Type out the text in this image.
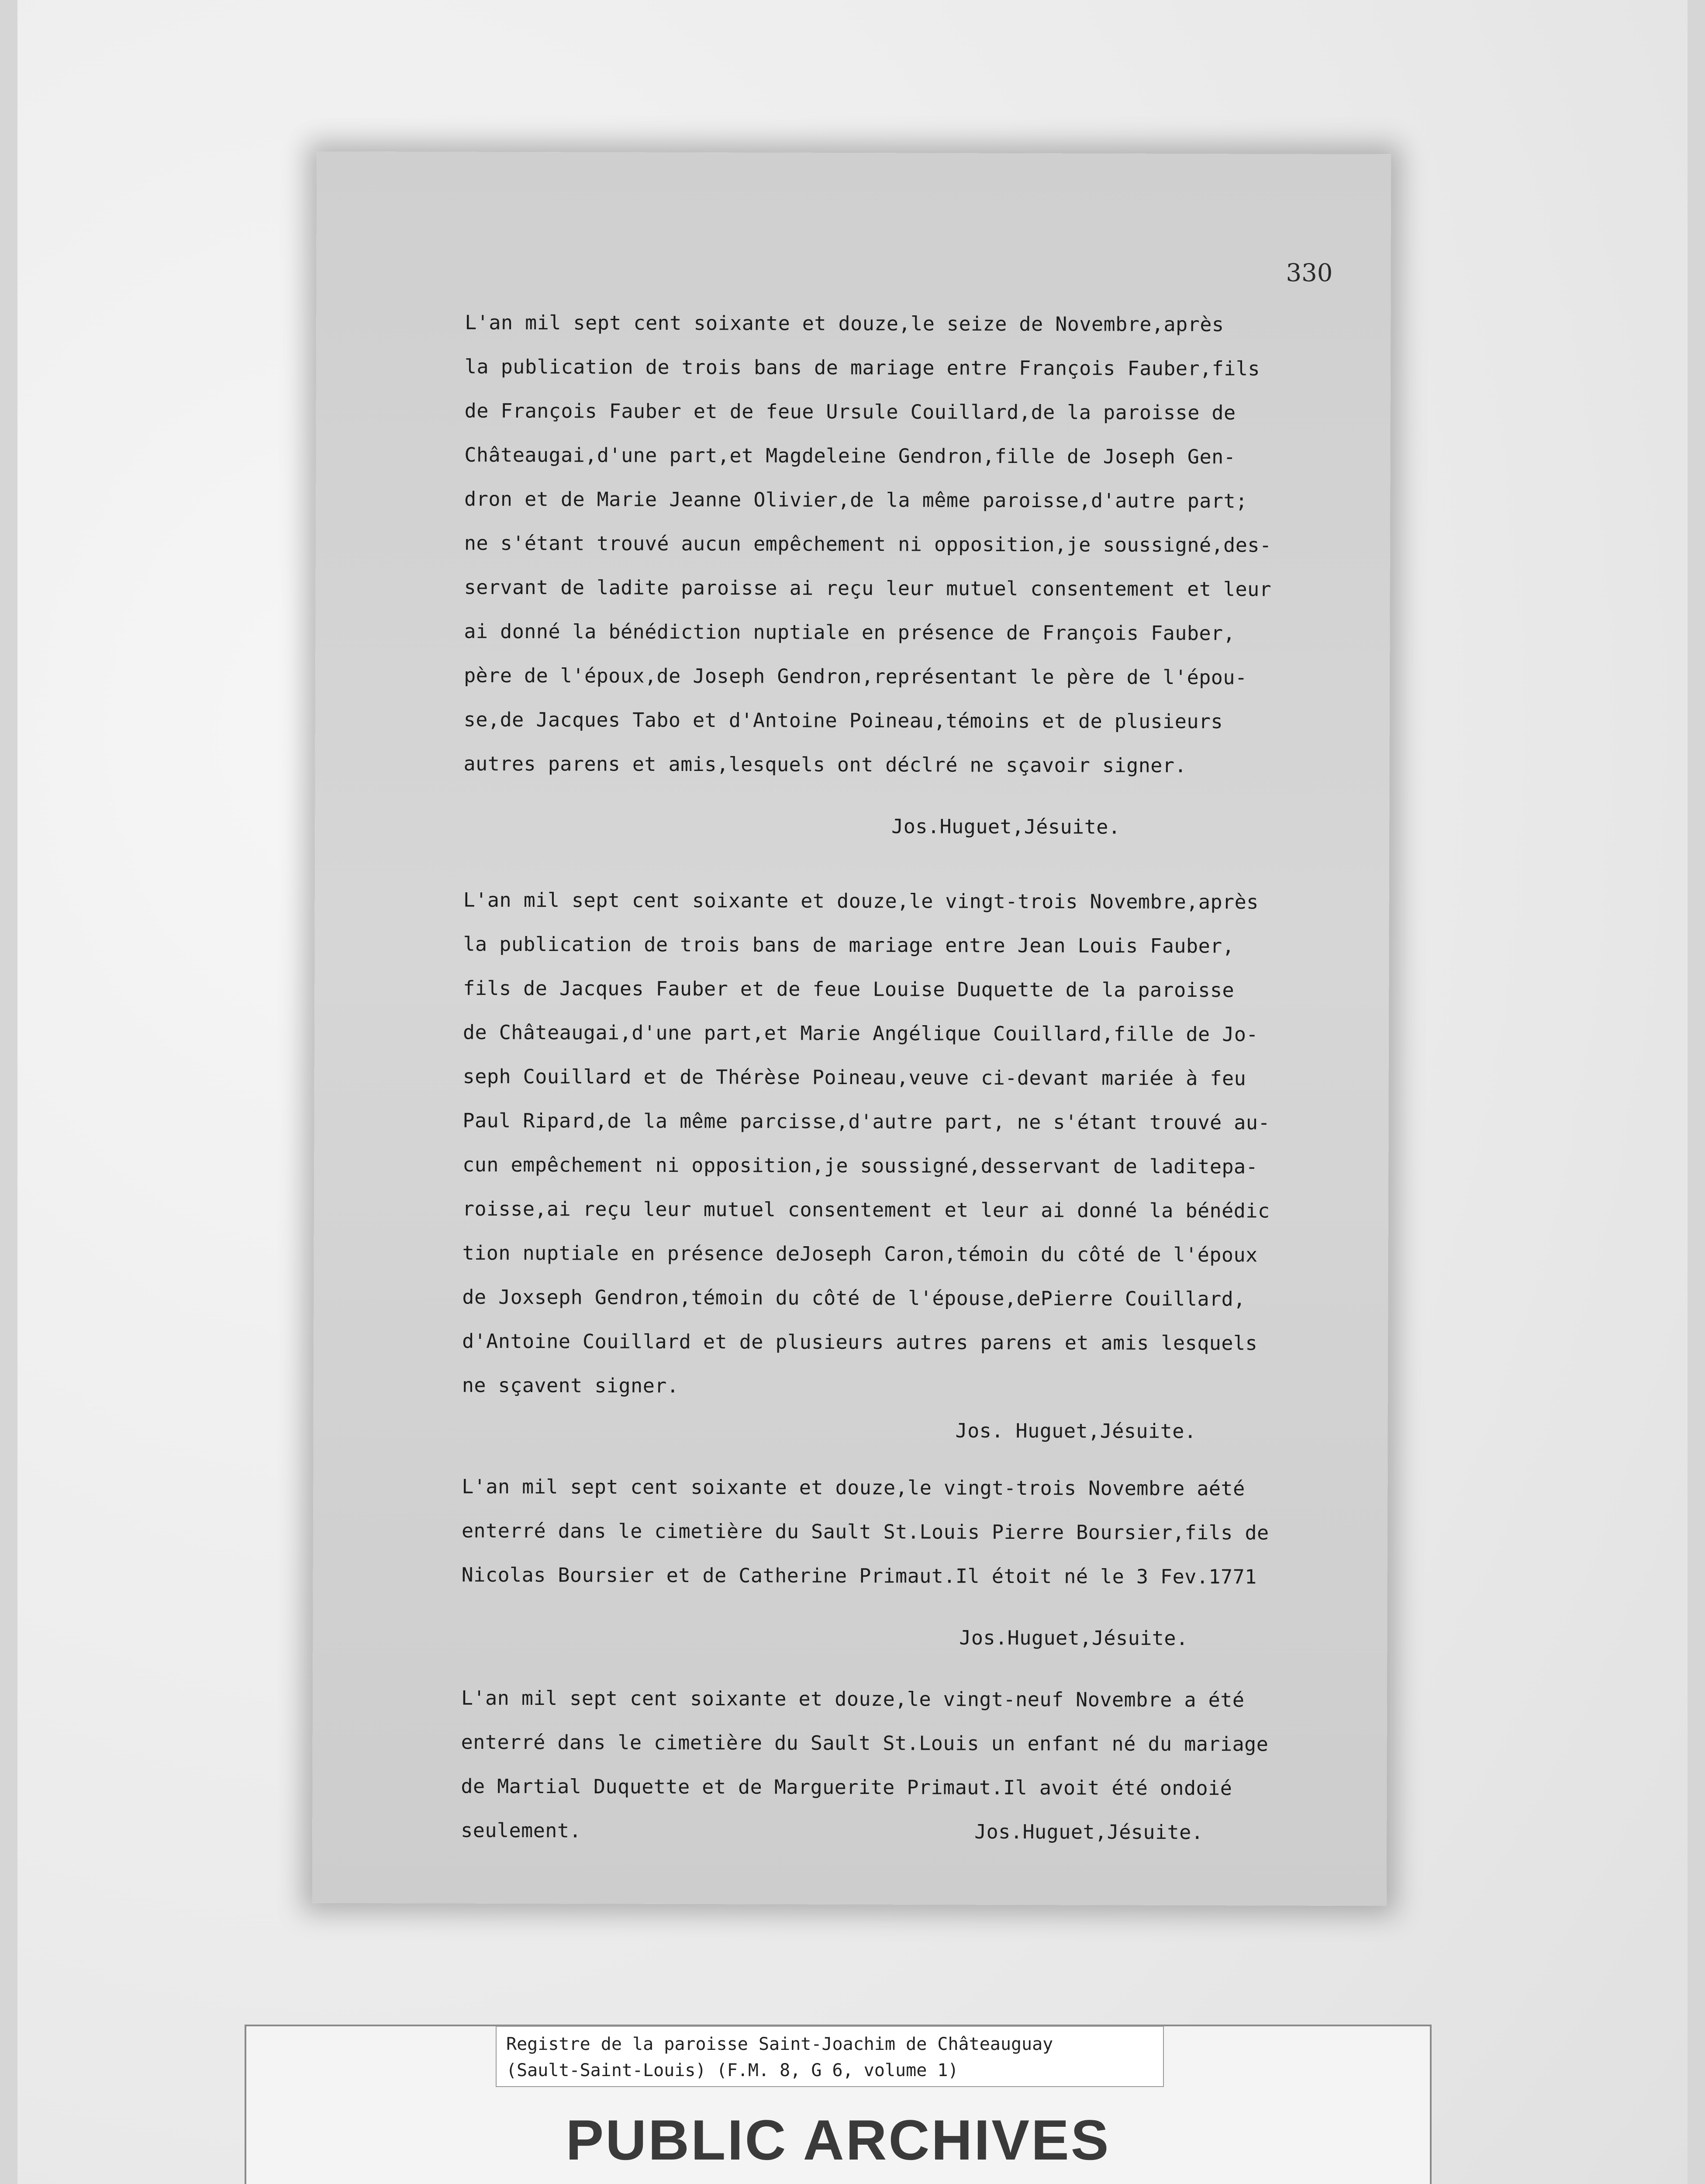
330
L'an mil sept cent soixante et douze,le seize de Novembre,après
la publication de trois bans de mariage entre François Fauber,fils
de François Fauber et de feue Ursule Couillard,de la paroisse de
Châteaugai,d'une part,et Magdeleine Gendron,fille de Joseph Gen-
dron et de Marie Jeanne Olivier,de la même paroisse,d'autre part;
ne s'étant trouvé aucun empêchement ni opposition,je soussigné,des-
servant de ladite paroisse ai reçu leur mutuel consentement et leur
ai donné la bénédiction nuptiale en présence de François Fauber,
père de l'époux,de Joseph Gendron,représentant le père de l'épou-
se,de Jacques Tabo et d'Antoine Poineau,témoins et de plusieurs
autres parens et amis,lesquels ont déclré ne sçavoir signer.
Jos.Huguet,Jésuite.
L'an mil sept cent soixante et douze,le vingt-trois Novembre,après
la publication de trois bans de mariage entre Jean Louis Fauber,
fils de Jacques Fauber et de feue Louise Duquette de la paroisse
de Châteaugai,d'une part,et Marie Angélique Couillard,fille de Jo-
seph Couillard et de Thérèse Poineau,veuve ci-devant mariée à feu
Paul Ripard,de la même parcisse,d'autre part, ne s'étant trouvé au-
cun empêchement ni opposition,je soussigné,desservant de laditepa-
roisse,ai reçu leur mutuel consentement et leur ai donné la bénédic
tion nuptiale en présence deJoseph Caron,témoin du côté de l'époux
de Joxseph Gendron,témoin du côté de l'épouse,dePierre Couillard,
d'Antoine Couillard et de plusieurs autres parens et amis lesquels
ne sçavent signer.
Jos. Huguet,Jésuite.
L'an mil sept cent soixante et douze,le vingt-trois Novembre aété
enterré dans le cimetière du Sault St.Louis Pierre Boursier,fils de
Nicolas Boursier et de Catherine Primaut.Il étoit né le 3 Fev.1771
Jos.Huguet,Jésuite.
L'an mil sept cent soixante et douze,le vingt-neuf Novembre a été
enterré dans le cimetière du Sault St.Louis un enfant né du mariage
de Martial Duquette et de Marguerite Primaut.Il avoit été ondoié
seulement.	Jos.Huguet,Jésuite.
PUBLIC ARCHIVES
Registre de la paroisse Saint-Joachim de Châteauguay
(Sault-Saint-Louis) (F.M. 8, G 6, volume 1)
